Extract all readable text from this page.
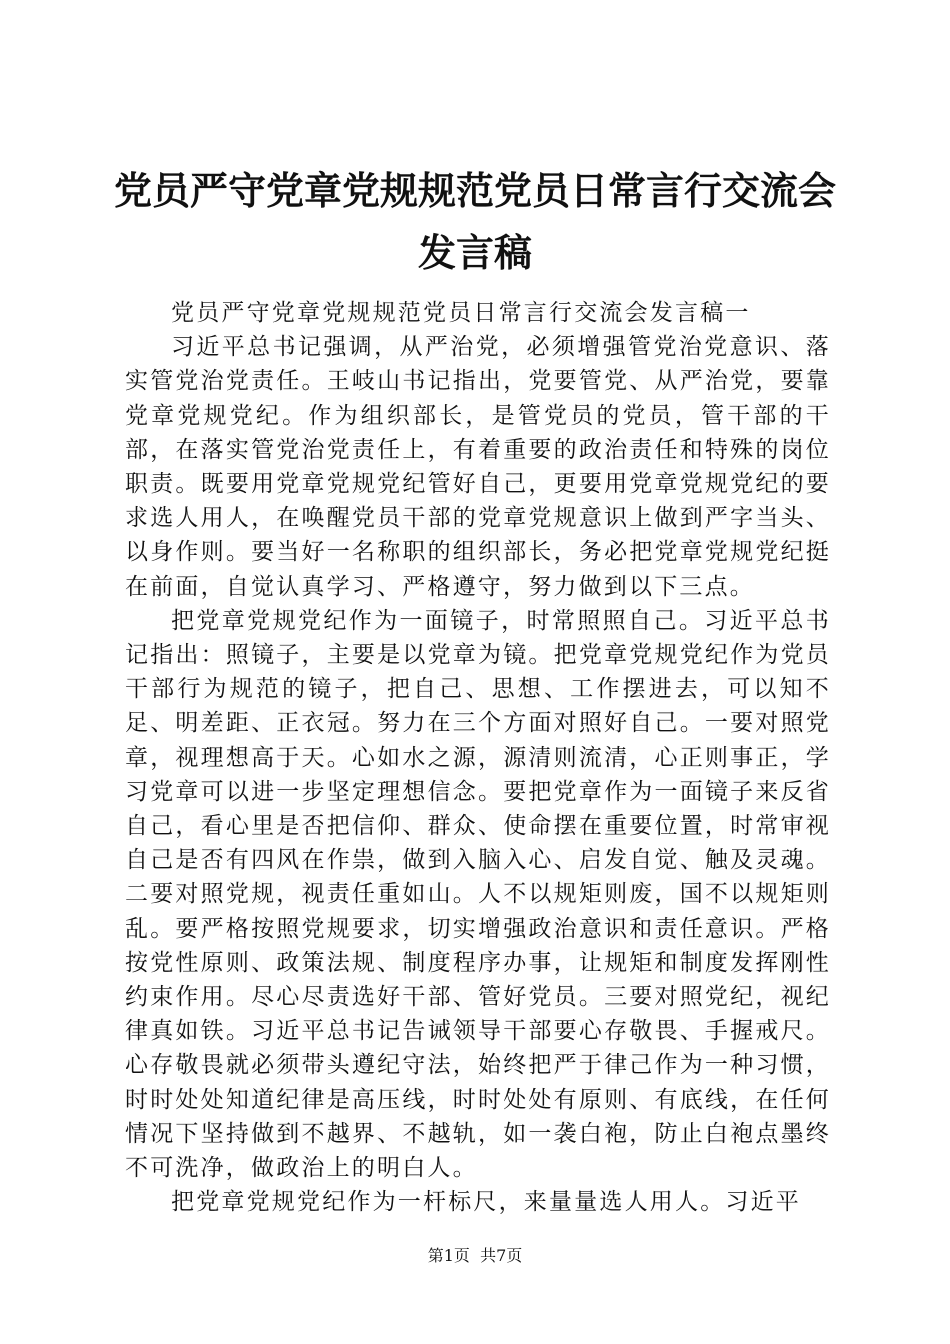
党员严守党章党规规范党员日常言行交流会发言稿

党员严守党章党规规范党员日常言行交流会发言稿一

习近平总书记强调，从严治党，必须增强管党治党意识、落实管党治党责任。王岐山书记指出，党要管党、从严治党，要靠党章党规党纪。作为组织部长，是管党员的党员，管干部的干部，在落实管党治党责任上，有着重要的政治责任和特殊的岗位职责。既要用党章党规党纪管好自己，更要用党章党规党纪的要求选人用人，在唤醒党员干部的党章党规意识上做到严字当头、以身作则。要当好一名称职的组织部长，务必把党章党规党纪挺在前面，自觉认真学习、严格遵守，努力做到以下三点。

把党章党规党纪作为一面镜子，时常照照自己。习近平总书记指出：照镜子，主要是以党章为镜。把党章党规党纪作为党员干部行为规范的镜子，把自己、思想、工作摆进去，可以知不足、明差距、正衣冠。努力在三个方面对照好自己。一要对照党章，视理想高于天。心如水之源，源清则流清，心正则事正，学习党章可以进一步坚定理想信念。要把党章作为一面镜子来反省自己，看心里是否把信仰、群众、使命摆在重要位置，时常审视自己是否有四风在作祟，做到入脑入心、启发自觉、触及灵魂。二要对照党规，视责任重如山。人不以规矩则废，国不以规矩则乱。要严格按照党规要求，切实增强政治意识和责任意识。严格按党性原则、政策法规、制度程序办事，让规矩和制度发挥刚性约束作用。尽心尽责选好干部、管好党员。三要对照党纪，视纪律真如铁。习近平总书记告诫领导干部要心存敬畏、手握戒尺。心存敬畏就必须带头遵纪守法，始终把严于律己作为一种习惯，时时处处知道纪律是高压线，时时处处有原则、有底线，在任何情况下坚持做到不越界、不越轨，如一袭白袍，防止白袍点墨终不可洗净，做政治上的明白人。

把党章党规党纪作为一杆标尺，来量量选人用人。习近平

第1页 共7页
